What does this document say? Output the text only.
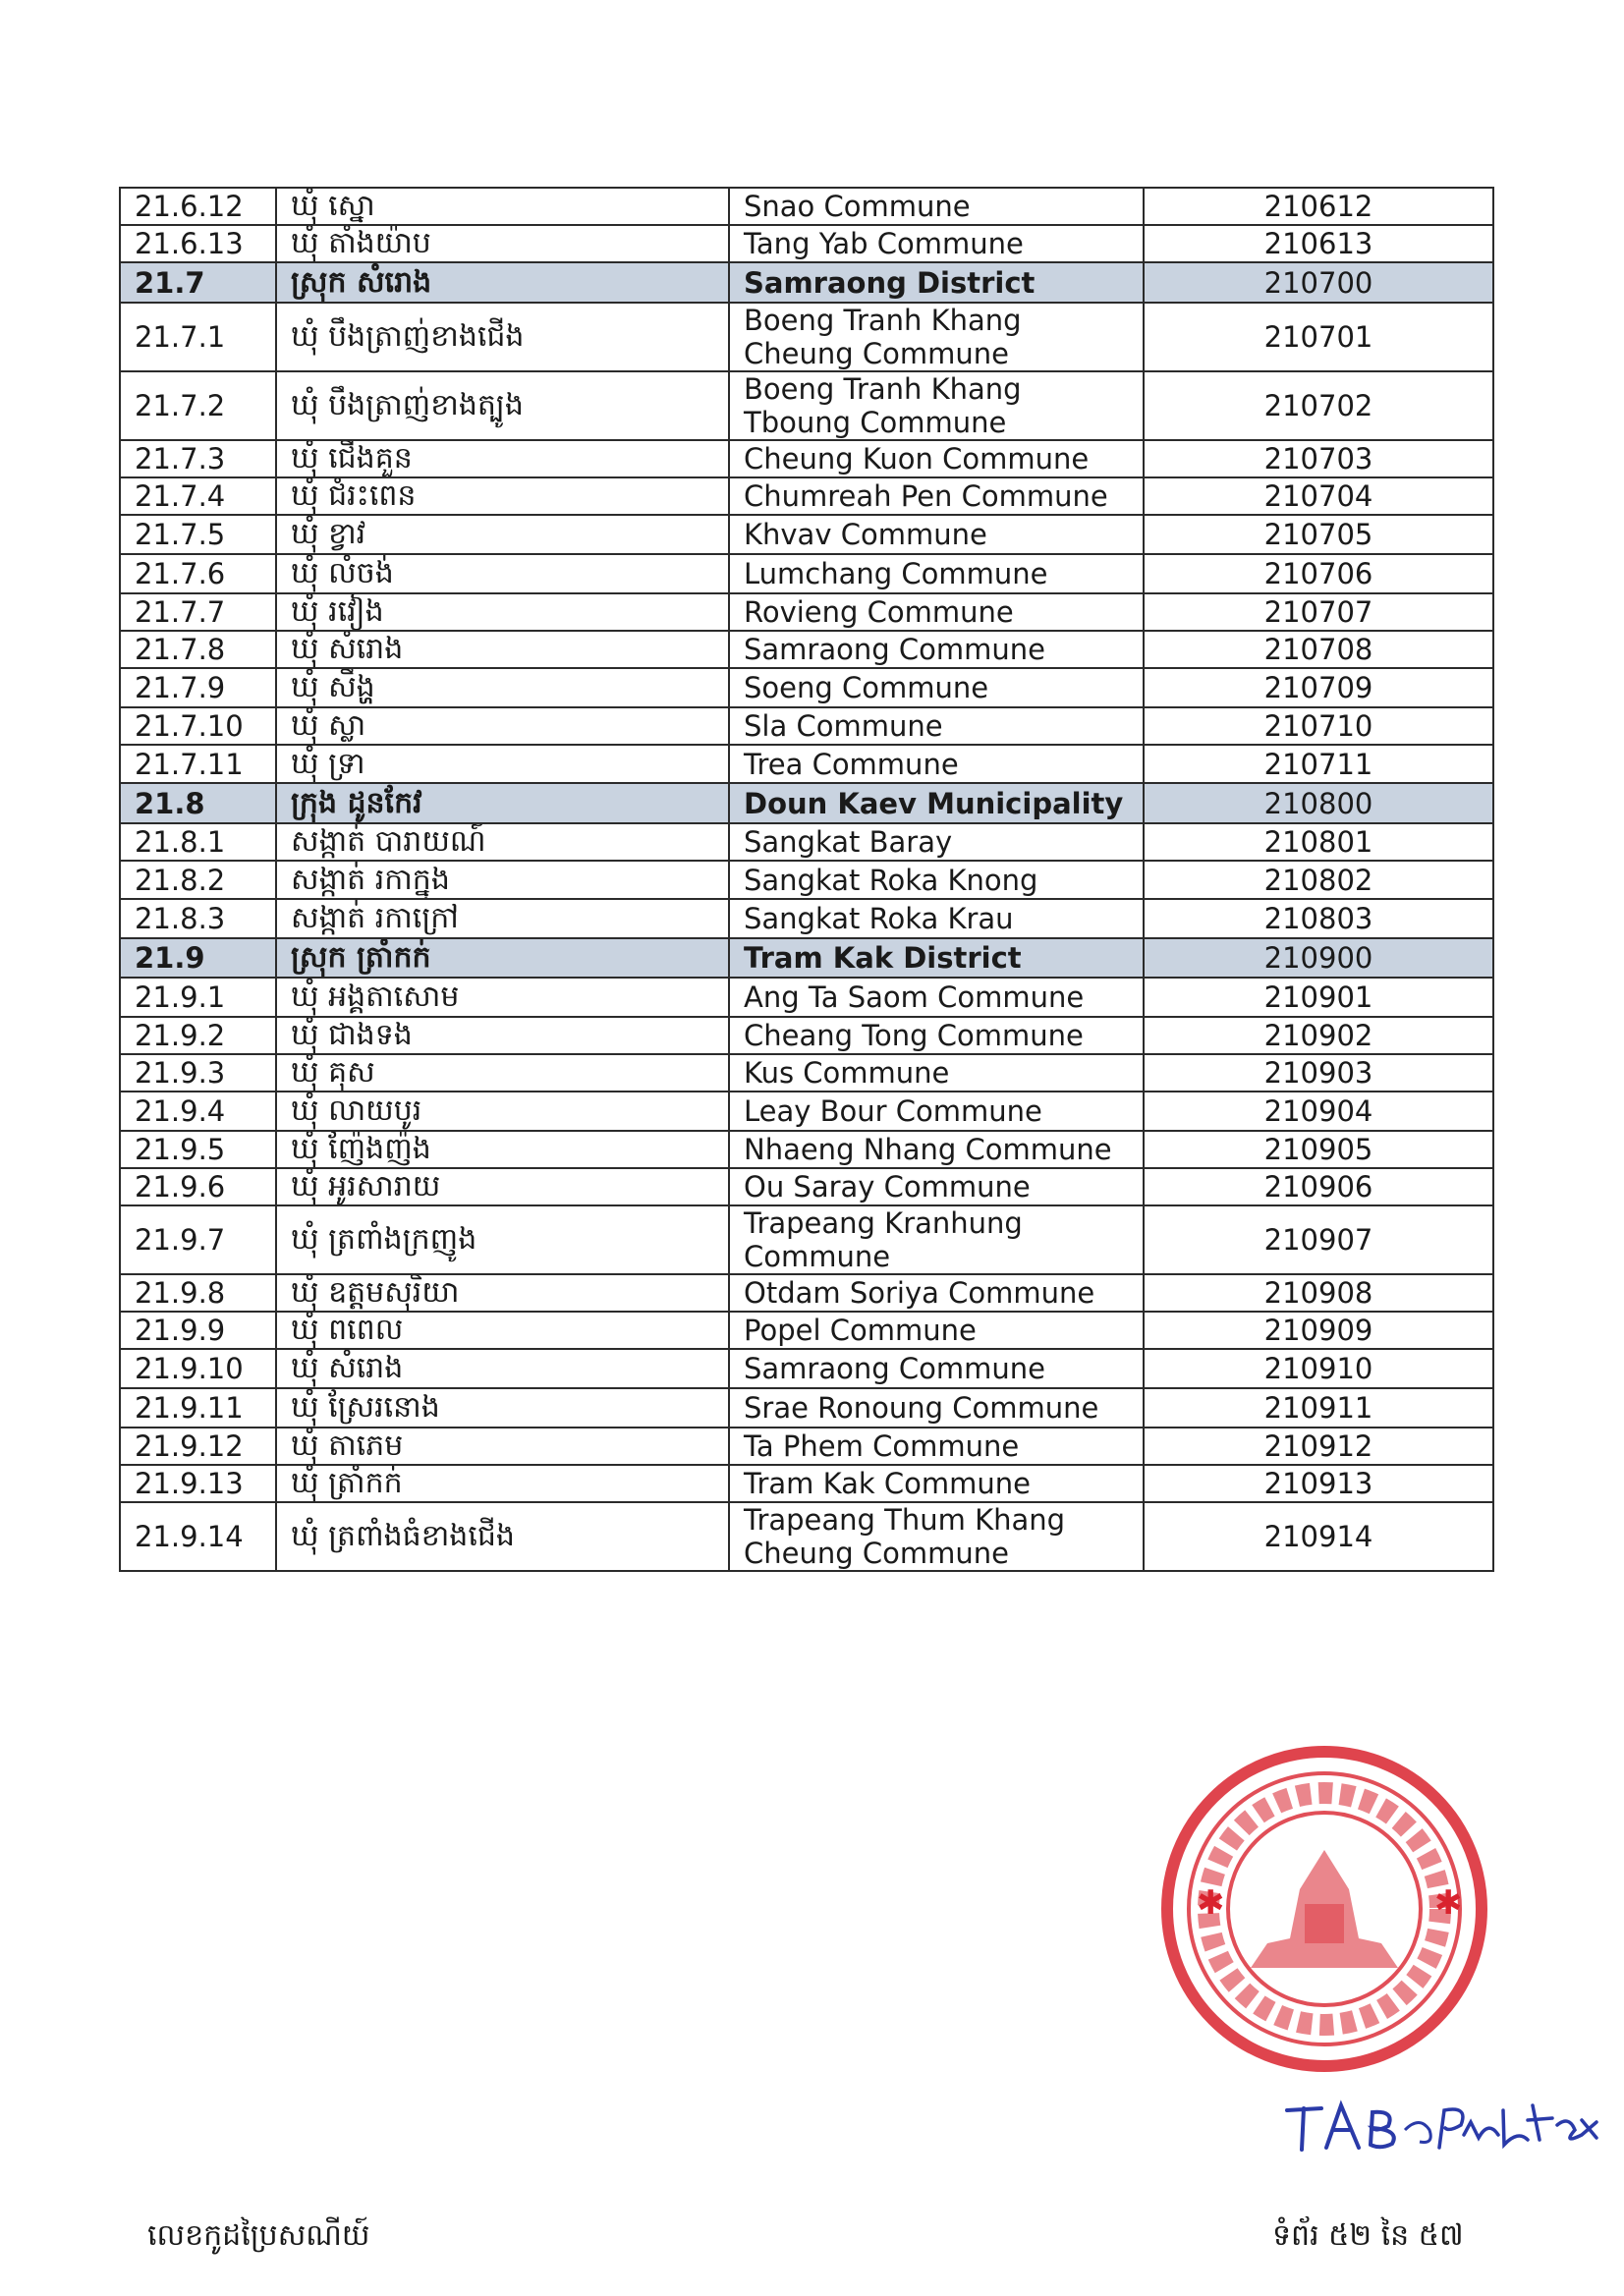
21.6.12	ឃុំ ស្នោ	Snao Commune	210612
21.6.13	ឃុំ តាំងយ៉ាប	Tang Yab Commune	210613
21.7	ស្រុក សំរោង	Samraong District	210700
21.7.1	ឃុំ បឹងត្រាញ់ខាងជើង	Boeng Tranh Khang Cheung Commune	210701
21.7.2	ឃុំ បឹងត្រាញ់ខាងត្បូង	Boeng Tranh Khang Tboung Commune	210702
21.7.3	ឃុំ ជើងគួន	Cheung Kuon Commune	210703
21.7.4	ឃុំ ជំរះពេន	Chumreah Pen Commune	210704
21.7.5	ឃុំ ខ្វាវ	Khvav Commune	210705
21.7.6	ឃុំ លំចង់	Lumchang Commune	210706
21.7.7	ឃុំ រវៀង	Rovieng Commune	210707
21.7.8	ឃុំ សំរោង	Samraong Commune	210708
21.7.9	ឃុំ សឹង្ហ	Soeng Commune	210709
21.7.10	ឃុំ ស្លា	Sla Commune	210710
21.7.11	ឃុំ ទ្រា	Trea Commune	210711
21.8	ក្រុង ដូនកែវ	Doun Kaev Municipality	210800
21.8.1	សង្កាត់ បារាយណ៍	Sangkat Baray	210801
21.8.2	សង្កាត់ រកាក្នុង	Sangkat Roka Knong	210802
21.8.3	សង្កាត់ រកាក្រៅ	Sangkat Roka Krau	210803
21.9	ស្រុក ត្រាំកក់	Tram Kak District	210900
21.9.1	ឃុំ អង្គតាសោម	Ang Ta Saom Commune	210901
21.9.2	ឃុំ ជាងទង	Cheang Tong Commune	210902
21.9.3	ឃុំ គុស	Kus Commune	210903
21.9.4	ឃុំ លាយបូរ	Leay Bour Commune	210904
21.9.5	ឃុំ ញ៉ែងញ៉ង	Nhaeng Nhang Commune	210905
21.9.6	ឃុំ អូរសារាយ	Ou Saray Commune	210906
21.9.7	ឃុំ ត្រពាំងក្រញូង	Trapeang Kranhung Commune	210907
21.9.8	ឃុំ ឧត្តមសុរិយា	Otdam Soriya Commune	210908
21.9.9	ឃុំ ពពេល	Popel Commune	210909
21.9.10	ឃុំ សំរោង	Samraong Commune	210910
21.9.11	ឃុំ ស្រែរនោង	Srae Ronoung Commune	210911
21.9.12	ឃុំ តាភេម	Ta Phem Commune	210912
21.9.13	ឃុំ ត្រាំកក់	Tram Kak Commune	210913
21.9.14	ឃុំ ត្រពាំងធំខាងជើង	Trapeang Thum Khang Cheung Commune	210914
✱	✱
លេខកូដប្រៃសណីយ៍	ទំព័រ ៥២ នៃ ៥៧
